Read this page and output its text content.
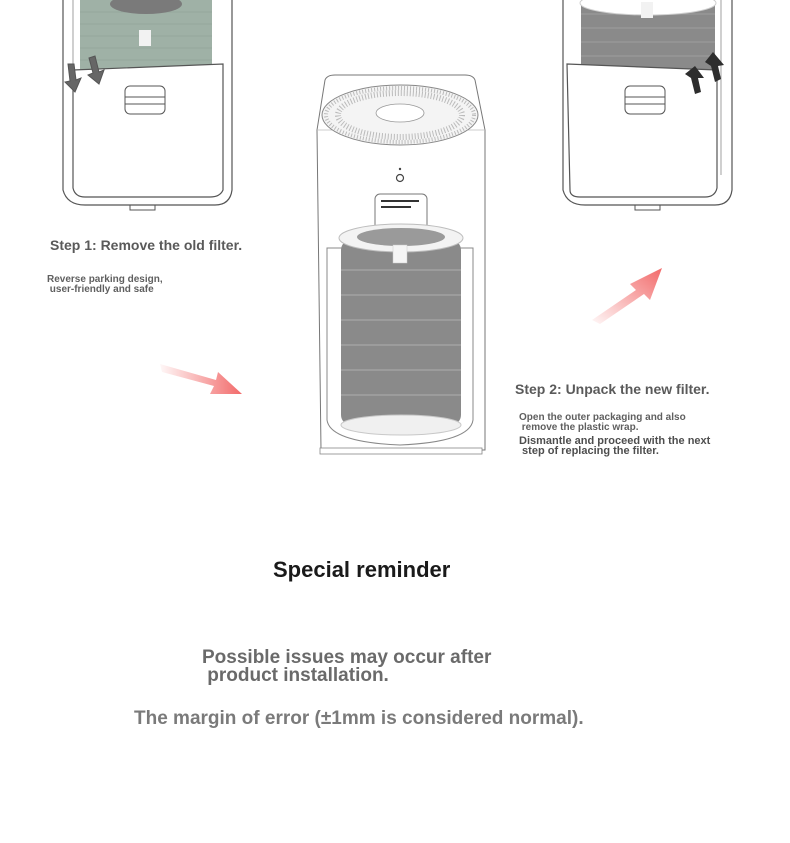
Step 1: Remove the old filter.
Reverse parking design,
user-friendly and safe
Step 2: Unpack the new filter.
Open the outer packaging and also
remove the plastic wrap.
Dismantle and proceed with the next
step of replacing the filter.
Special reminder
Possible issues may occur after
product installation.
The margin of error (±1mm is considered normal).
